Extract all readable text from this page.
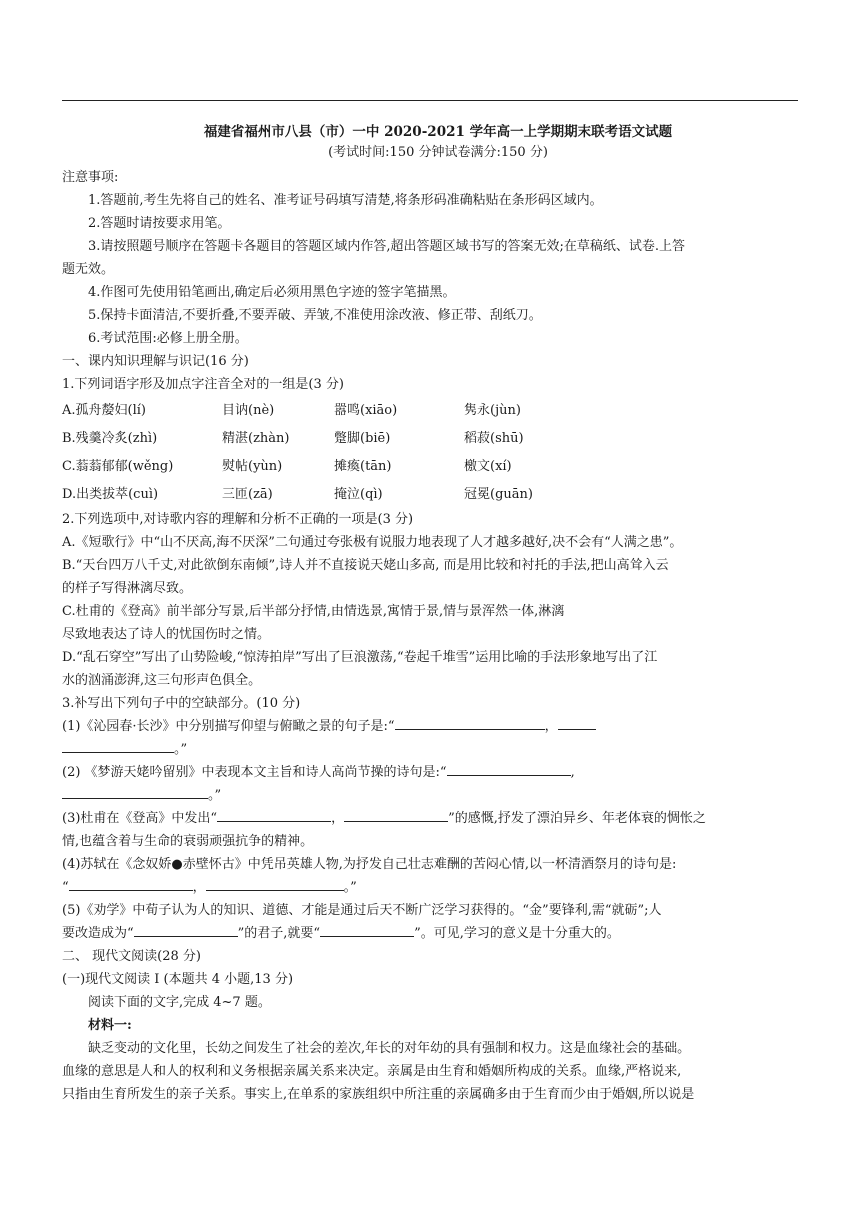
福建省福州市八县（市）一中 2020-2021 学年高一上学期期末联考语文试题

(考试时间:150 分钟试卷满分:150 分)

注意事项:

1.答题前,考生先将自己的姓名、准考证号码填写清楚,将条形码准确粘贴在条形码区域内。

2.答题时请按要求用笔。

3.请按照题号顺序在答题卡各题目的答题区域内作答,超出答题区域书写的答案无效;在草稿纸、试卷.上答

题无效。

4.作图可先使用铅笔画出,确定后必须用黑色字迹的签字笔描黑。

5.保持卡面清洁,不要折叠,不要弄破、弄皱,不准使用涂改液、修正带、刮纸刀。

6.考试范围:必修上册全册。

一、课内知识理解与识记(16 分)

1.下列词语字形及加点字注音全对的一组是(3 分)

A.孤舟嫠妇(lí)	目讷(nè)	嚣鸣(xiāo)	隽永(jùn)
B.残羹冷炙(zhì)	精湛(zhàn)	蹩脚(biē)	稻菽(shū)
C.蓊蓊郁郁(wěng)	熨帖(yùn)	摊瘓(tān)	檄文(xí)
D.出类拔萃(cuì)	三匝(zā)	掩泣(qì)	冠冕(guān)

2.下列选项中,对诗歌内容的理解和分析不正确的一项是(3 分)

A.《短歌行》中“山不厌高,海不厌深”二句通过夸张极有说服力地表现了人才越多越好,决不会有“人满之患”。

B.“天台四万八千丈,对此欲倒东南倾”,诗人并不直接说天姥山多高, 而是用比较和衬托的手法,把山高耸入云

的样子写得淋漓尽致。

C.杜甫的《登高》前半部分写景,后半部分抒情,由情选景,寓情于景,情与景浑然一体,淋漓

尽致地表达了诗人的忧国伤时之情。

D.“乱石穿空”写出了山势险峻,“惊涛拍岸”写出了巨浪激荡,“卷起千堆雪”运用比喻的手法形象地写出了江

水的汹涌澎湃,这三句形声色俱全。

3.补写出下列句子中的空缺部分。(10 分)

(1)《沁园春·长沙》中分别描写仰望与俯瞰之景的句子是:“	，

。”

(2) 《梦游天姥吟留别》中表现本文主旨和诗人高尚节操的诗句是:“	,

。”

(3)杜甫在《登高》中发出“	，	”的感慨,抒发了漂泊异乡、年老体衰的惆怅之

情,也蕴含着与生命的衰弱顽强抗争的精神。

(4)苏轼在《念奴娇●赤壁怀古》中凭吊英雄人物,为抒发自己壮志难酬的苦闷心情,以一杯清酒祭月的诗句是:

“	，	。”

(5)《劝学》中荀子认为人的知识、道德、才能是通过后天不断广泛学习获得的。“金”要锋利,需“就砺”;人

要改造成为“	”的君子,就要“	”。可见,学习的意义是十分重大的。

二、 现代文阅读(28 分)

(一)现代文阅读 I (本题共 4 小题,13 分)

阅读下面的文字,完成 4~7 题。

材料一:

缺乏变动的文化里，长幼之间发生了社会的差次,年长的对年幼的具有强制和权力。这是血缘社会的基础。

血缘的意思是人和人的权利和义务根据亲属关系来决定。亲属是由生育和婚姻所构成的关系。血缘,严格说来,

只指由生育所发生的亲子关系。事实上,在单系的家族组织中所注重的亲属确多由于生育而少由于婚姻,所以说是
